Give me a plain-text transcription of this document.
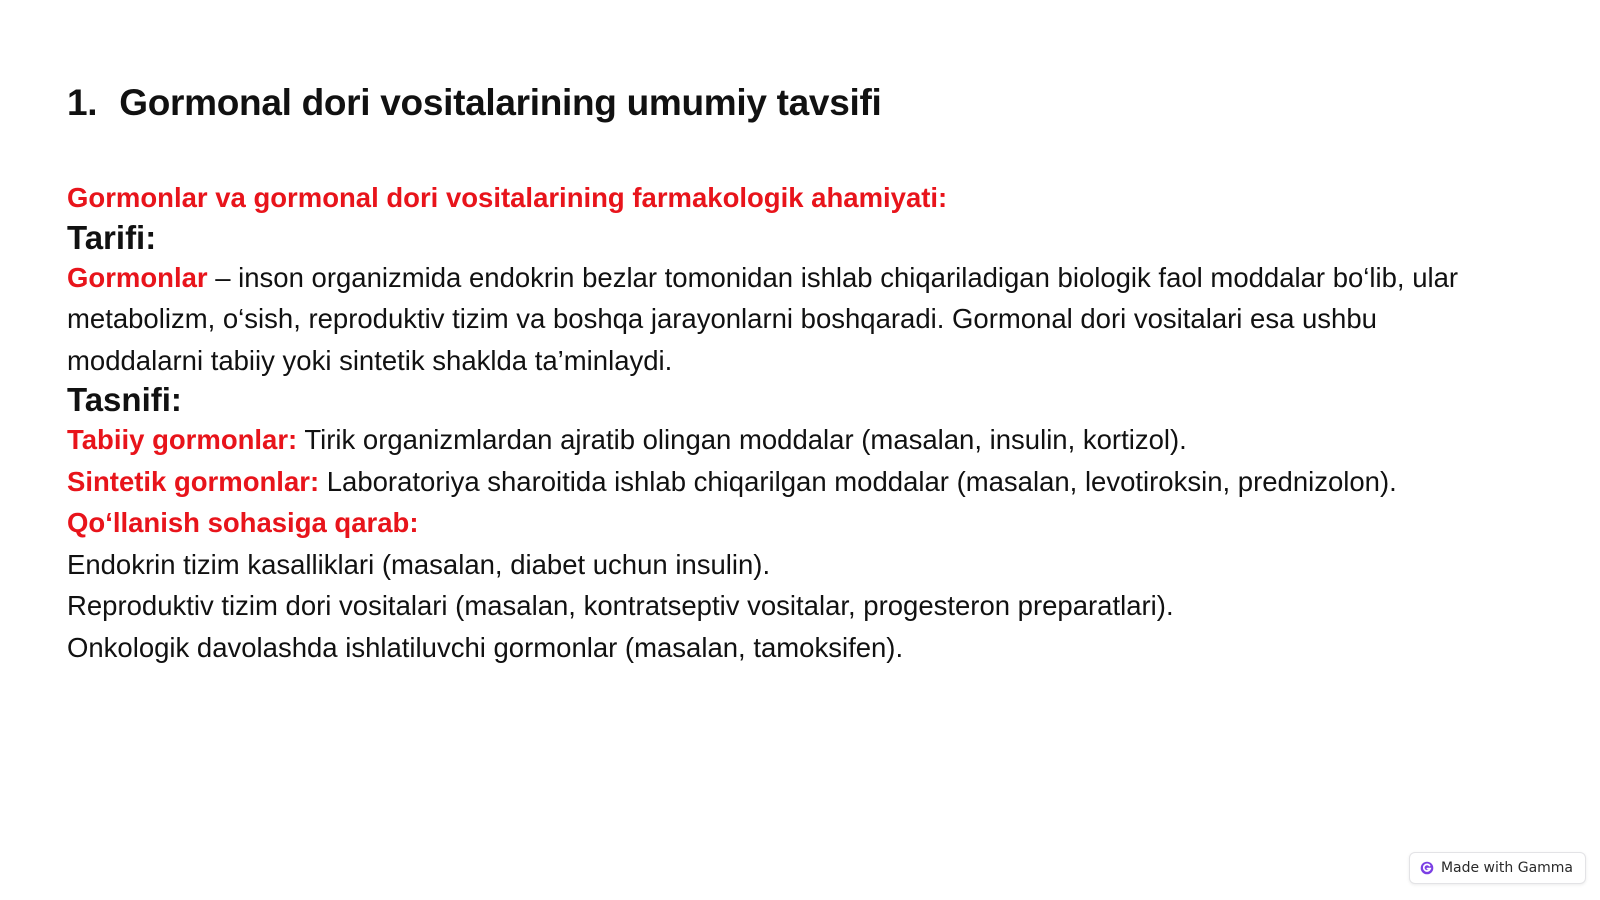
1. Gormonal dori vositalarining umumiy tavsifi

Gormonlar va gormonal dori vositalarining farmakologik ahamiyati:

Tarifi:

Gormonlar – inson organizmida endokrin bezlar tomonidan ishlab chiqariladigan biologik faol moddalar bo‘lib, ular metabolizm, o‘sish, reproduktiv tizim va boshqa jarayonlarni boshqaradi. Gormonal dori vositalari esa ushbu moddalarni tabiiy yoki sintetik shaklda ta’minlaydi.

Tasnifi:

Tabiiy gormonlar: Tirik organizmlardan ajratib olingan moddalar (masalan, insulin, kortizol).

Sintetik gormonlar: Laboratoriya sharoitida ishlab chiqarilgan moddalar (masalan, levotiroksin, prednizolon).

Qo‘llanish sohasiga qarab:

Endokrin tizim kasalliklari (masalan, diabet uchun insulin).

Reproduktiv tizim dori vositalari (masalan, kontratseptiv vositalar, progesteron preparatlari).

Onkologik davolashda ishlatiluvchi gormonlar (masalan, tamoksifen).

Made with Gamma
